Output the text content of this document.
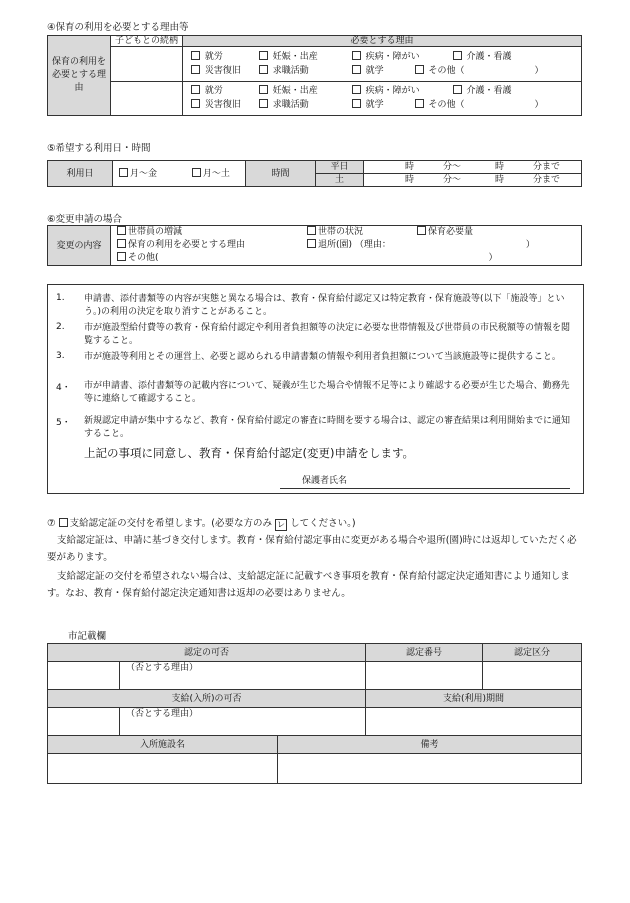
④保育の利用を必要とする理由等
保育の利用を必要とする理由	子どもとの続柄	必要とする理由

		就労 妊娠・出産 疾病・障がい 介護・看護
災害復旧 求職活動 就学 その他（ ）

		就労 妊娠・出産 疾病・障がい 介護・看護
災害復旧 求職活動 就学 その他（ ）
⑤希望する利用日・時間
利用日	月～金 月～土	時間	平日	時 分～ 時 分まで
			土	時 分～ 時 分まで
⑥変更申請の場合
変更の内容	
世帯員の増減	世帯の状況	保育必要量
保育の利用を必要とする理由	退所(園) （理由：	）
その他(	）
1.	申請書、添付書類等の内容が実態と異なる場合は、教育・保育給付認定又は特定教育・保育施設等(以下「施設等」という。)の利用の決定を取り消すことがあること。
2.	市が施設型給付費等の教育・保育給付認定や利用者負担額等の決定に必要な世帯情報及び世帯員の市民税額等の情報を閲覧すること。
3.	市が施設等利用とその運営上、必要と認められる申請書類の情報や利用者負担額について当該施設等に提供すること。
4・	市が申請書、添付書類等の記載内容について、疑義が生じた場合や情報不足等により確認する必要が生じた場合、勤務先等に連絡して確認すること。
5・	新規認定申請が集中するなど、教育・保育給付認定の審査に時間を要する場合は、認定の審査結果は利用開始までに通知すること。
上記の事項に同意し、教育・保育給付認定(変更)申請をします。
保護者氏名
⑦ 支給認定証の交付を希望します。(必要な方のみ レ してください。)
支給認定証は、申請に基づき交付します。教育・保育給付認定事由に変更がある場合や退所(園)時には返却していただく必要があります。
支給認定証の交付を希望されない場合は、支給認定証に記載すべき事項を教育・保育給付認定決定通知書により通知します。なお、教育・保育給付認定決定通知書は返却の必要はありません。
市記載欄
認定の可否			認定番号	認定区分
	（否とする理由）			
支給(入所)の可否			支給(利用)期間	
	（否とする理由）			
入所施設名		備考		
